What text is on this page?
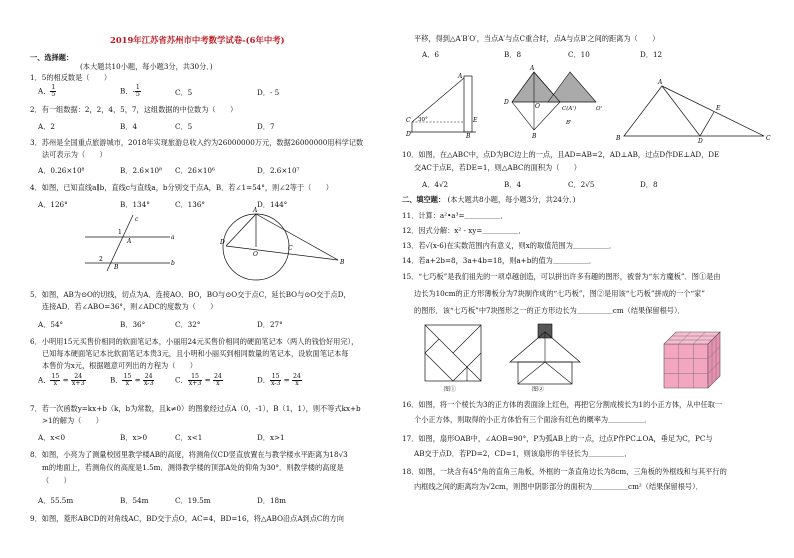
2019年江苏省苏州市中考数学试卷-(6年中考)
一、选择题：
(本大题共10小题，每小题3分，共30分．)
1．5的相反数是（　　）
A． $\frac{1}{5}$	B．- $\frac{1}{5}$	C．5	D．- 5
2．有一组数据：2，2，4，5，7，这组数据的中位数为（　　）
A．2	B．4	C．5	D．7
3．苏州是全国重点旅游城市，2018年实现旅游总收入约为26000000万元，数据26000000用科学记数
法可表示为（　　）
A．0.26×10⁸	B．2.6×10⁸ C．26×10⁶	D．2.6×10⁷
4．如图，已知直线a∥b，直线c与直线a，b分别交于点A，B．若∠1=54°，则∠2等于（　　）
A．126°	B．134°	C．136°	D．144°
c
1
A
a
2
B
b
D
C
O
A
B
5．如图，AB为⊙O的切线，切点为A．连接AO、BO，BO与⊙O交于点C，延长BO与⊙O交于点D，
连接AD．若∠ABO=36°，则∠ADC的度数为（　　）
A．54°	B．36°	C．32°	D．27°
6．小明用15元买售价相同的软面笔记本，小丽用24元买售价相同的硬面笔记本（两人的钱恰好用完），
已知每本硬面笔记本比软面笔记本贵3元，且小明和小丽买到相同数量的笔记本，设软面笔记本每
本售价为x元，根据题意可列出的方程为（　　）
A． $\frac{15}{x} = \frac{24}{x+3}$	B． $\frac{15}{x} = \frac{24}{x-3}$	C． $\frac{15}{x+3} = \frac{24}{x}$	D． $\frac{15}{x-3} = \frac{24}{x}$
7．若一次函数y=kx+b（k，b为常数，且k≠0）的图象经过点A（0，-1），B（1，1），则不等式kx+b
>1的解为（　　）
A．x<0	B．x>0	C．x<1	D．x>1
8．如图，小亮为了测量校园里教学楼AB的高度，将测角仪CD竖直放置在与教学楼水平距离为18√3
m的地面上，若测角仪的高度是1.5m．测得教学楼的顶部A处的仰角为30°．则教学楼的高度是
（　　）
A．55.5m	B．54m	C．19.5m	D．18m
9．如图，菱形ABCD的对角线AC，BD交于点O，AC=4，BD=16，将△ABO沿点A到点C的方向
平移，得到△A′B′O′，当点A′与点C重合时，点A与点B′之间的距离为（　　）
A．6	B．8	C．10	D．12
A
30°
C
D	B
E
D
A
B
O	C(A')
B'
O'
A
D
B	C
E
10．如图，在△ABC中，点D为BC边上的一点，且AD=AB=2，AD⊥AB，过点D作DE⊥AD，DE
交AC于点E，若DE=1，则△ABC的面积为（　　）
A．4√2	B．4	C．2√5	D．8
二、填空题： (本大题共8小题，每小题3分，共24分．)
11．计算：a²•a³=＿＿＿＿＿．
12．因式分解：x² - xy=＿＿＿＿＿．
13．若√(x-6)在实数范围内有意义，则x的取值范围为＿＿＿＿＿．
14．若a+2b=8，3a+4b=18，则a+b的值为＿＿＿＿＿．
15．“七巧板”是我们祖先的一项卓越创造，可以拼出许多有趣的图形，被誉为“东方魔板”．图①是由
边长为10cm的正方形薄板分为7块制作成的“七巧板”，图②是用该“七巧板”拼成的一个“家”
的图形．该“七巧板”中7块图形之一的正方形边长为＿＿＿＿＿cm（结果保留根号）．
图①	图②
16．如图，将一个棱长为3的正方体的表面涂上红色，再把它分割成棱长为1的小正方体，从中任取一
个小正方体，则取得的小正方体恰有三个面涂有红色的概率为＿＿＿＿＿．
17．如图，扇形OAB中，∠AOB=90°，P为弧AB上的一点，过点P作PC⊥OA，垂足为C，PC与
AB交于点D．若PD=2，CD=1，则该扇形的半径长为＿＿＿＿＿．
18．如图，一块含有45°角的直角三角板，外框的一条直角边长为8cm，三角板的外框线和与其平行的
内框线之间的距离均为√2cm，则图中阴影部分的面积为＿＿＿＿＿cm²（结果保留根号）．
